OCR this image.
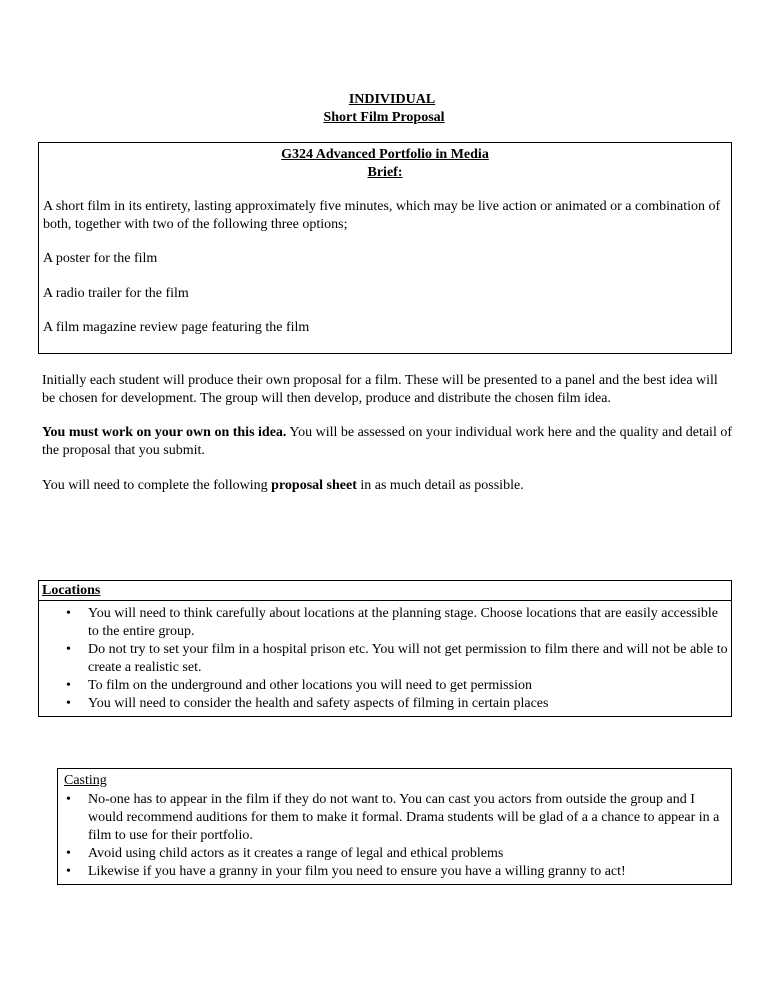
INDIVIDUAL
Short Film Proposal

G324 Advanced Portfolio in Media

Brief:

A short film in its entirety, lasting approximately five minutes, which may be live action or animated or a combination of both, together with two of the following three options;

A poster for the film

A radio trailer for the film

A film magazine review page featuring the film

Initially each student will produce their own proposal for a film. These will be presented to a panel and the best idea will be chosen for development. The group will then develop, produce and distribute the chosen film idea.

You must work on your own on this idea. You will be assessed on your individual work here and the quality and detail of the proposal that you submit.

You will need to complete the following proposal sheet in as much detail as possible.

Locations
• You will need to think carefully about locations at the planning stage. Choose locations that are easily accessible to the entire group.
• Do not try to set your film in a hospital prison etc. You will not get permission to film there and will not be able to create a realistic set.
• To film on the underground and other locations you will need to get permission
• You will need to consider the health and safety aspects of filming in certain places
Casting
• No-one has to appear in the film if they do not want to. You can cast you actors from outside the group and I would recommend auditions for them to make it formal. Drama students will be glad of a a chance to appear in a film to use for their portfolio.
• Avoid using child actors as it creates a range of legal and ethical problems
• Likewise if you have a granny in your film you need to ensure you have a willing granny to act!
